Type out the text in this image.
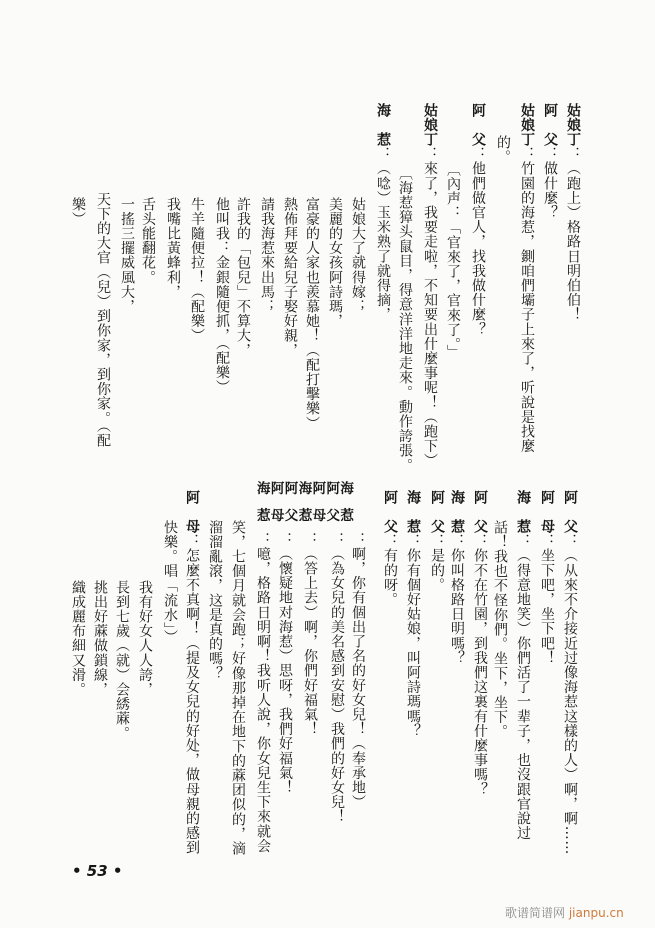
海阿阿海阿阿海
惹母父惹母父惹
• 53 •
歌谱简谱网 jianpu.cn
姑娘丁：（跑上）格路日明伯伯！
阿　父：做什麼？
姑娘丁：竹園的海惹，鍘咱們壩子上來了，听說是找麼
的。
阿　父：他們做官人，找我做什麼？
〔內声：「官來了，官來了。」
姑娘丁：來了，我要走啦，不知要出什麼事呢！（跑下）
〔海惹獐头鼠目，得意洋洋地走來。動作誇張。
海　惹：（唸）玉米熟了就得摘，
姑娘大了就得嫁；
美麗的女孩阿詩瑪，
富豪的人家也羨慕她！（配打擊樂）
熱佈拜要給兒子娶好親，
請我海惹來出馬；
許我的「包兒」不算大，
他叫我：金銀隨便抓，（配樂）
牛羊隨便拉！（配樂）
我嘴比黃蜂利，
舌头能翻花。
一搖三擺威風大，
天下的大官（兒）到你家，到你家。（配
樂）
阿　父：（从來不介接近过像海惹这樣的人）啊，啊……
阿　母：坐下吧，坐下吧！
海　惹：（得意地笑）你們活了一辈子，也沒跟官說过
話！我也不怪你們。坐下，坐下。
阿　父：你不在竹園，到我們这裏有什麼事嗎？
海　惹：你叫格路日明嗎？
阿　父：是的。
海　惹：你有個好姑娘，叫阿詩瑪嗎？
阿　父：有的呀。
：啊，你有個出了名的好女兒！（奉承地）
：（為女兒的美名感到安慰）我們的好女兒！
：（答上去）啊，你們好福氣！
：（懷疑地对海惹）思呀，我們好福氣！
：噫，格路日明啊！我听人說，你女兒生下來就会
笑，七個月就会跑；好像那掉在地下的蔴团似的，滴
溜溜亂滾，这是真的嗎？
阿　母：怎麼不真啊！（提及女兒的好处，做母親的感到
快樂。唱「流水」）
我有好女人人誇，
長到七歲（就）会綉蔴。
挑出好蔴做鎖線，
織成麗布細又滑。
